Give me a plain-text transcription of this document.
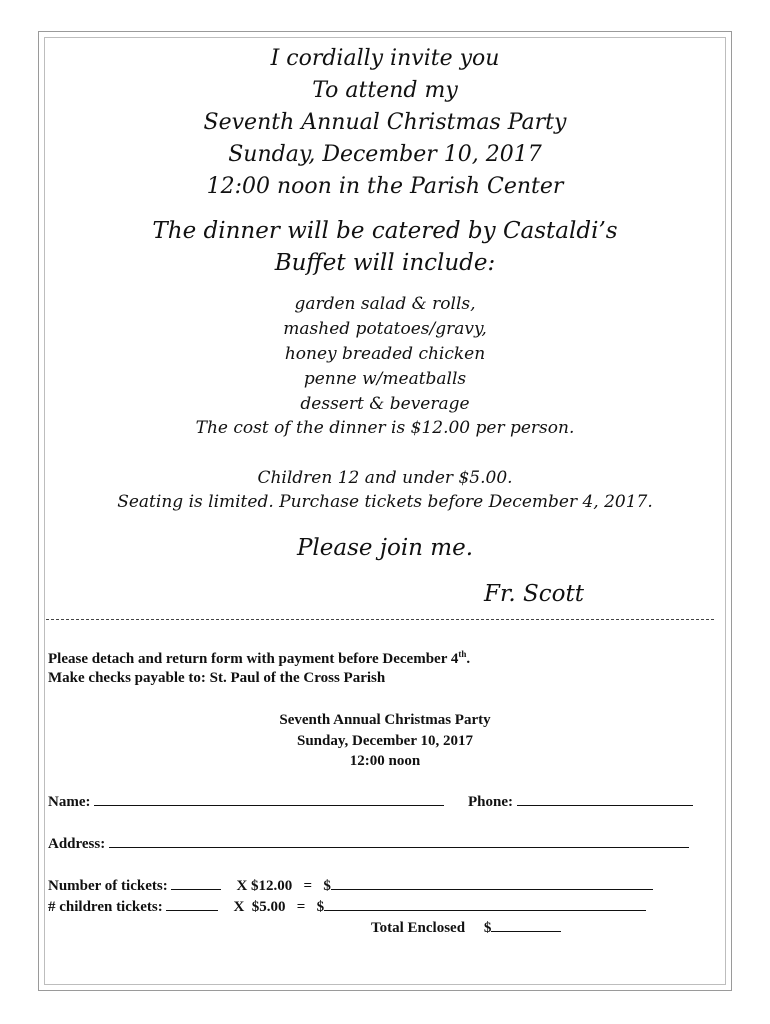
I cordially invite you
To attend my
Seventh Annual Christmas Party
Sunday, December 10, 2017
12:00 noon in the Parish Center
The dinner will be catered by Castaldi’s
Buffet will include:
garden salad & rolls,
mashed potatoes/gravy,
honey breaded chicken
penne w/meatballs
dessert & beverage
The cost of the dinner is $12.00 per person.
Children 12 and under $5.00.
Seating is limited. Purchase tickets before December 4, 2017.
Please join me.
Fr. Scott
Please detach and return form with payment before December 4th.
Make checks payable to: St. Paul of the Cross Parish
Seventh Annual Christmas Party
Sunday, December 10, 2017
12:00 noon
Name:	Phone:
Address:
Number of tickets:	X $12.00   =   $
# children tickets:	X  $5.00   =   $
Total Enclosed $
